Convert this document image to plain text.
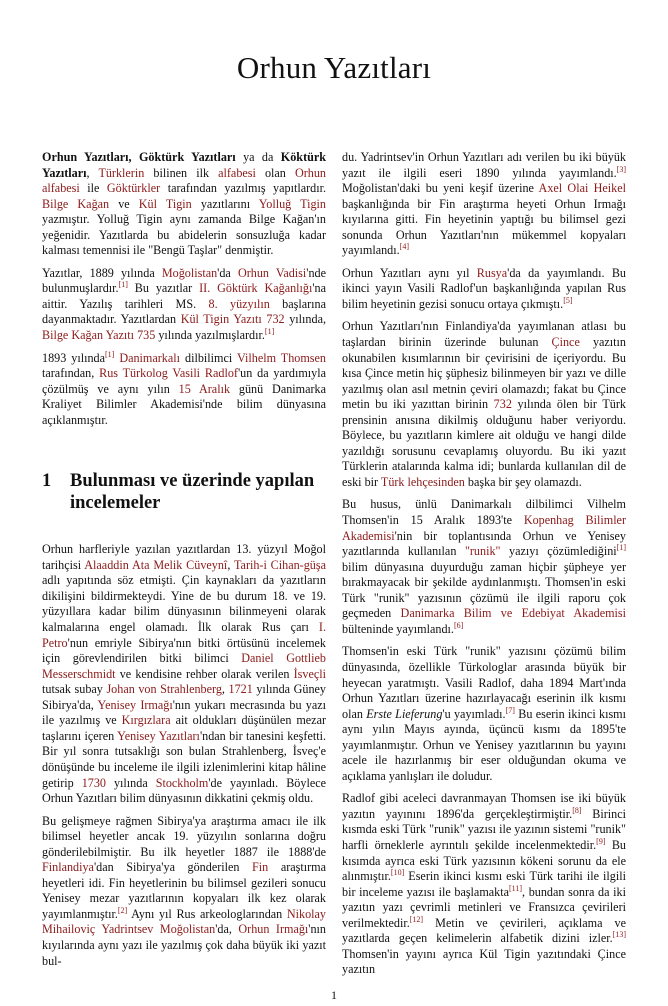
Orhun Yazıtları

Orhun Yazıtları, Göktürk Yazıtları ya da Köktürk Yazıtları, Türklerin bilinen ilk alfabesi olan Orhun alfabesi ile Göktürkler tarafından yazılmış yapıtlardır. Bilge Kağan ve Kül Tigin yazıtlarını Yolluğ Tigin yazmıştır. Yolluğ Tigin aynı zamanda Bilge Kağan'ın yeğenidir. Yazıtlarda bu abidelerin sonsuzluğa kadar kalması temennisi ile "Bengü Taşlar" denmiştir.

Yazıtlar, 1889 yılında Moğolistan'da Orhun Vadisi'nde bulunmuşlardır.[1] Bu yazıtlar II. Göktürk Kağanlığı'na aittir. Yazılış tarihleri MS. 8. yüzyılın başlarına dayanmaktadır. Yazıtlardan Kül Tigin Yazıtı 732 yılında, Bilge Kağan Yazıtı 735 yılında yazılmışlardır.[1]

1893 yılında[1] Danimarkalı dilbilimci Vilhelm Thomsen tarafından, Rus Türkolog Vasili Radlof'un da yardımıyla çözülmüş ve aynı yılın 15 Aralık günü Danimarka Kraliyet Bilimler Akademisi'nde bilim dünyasına açıklanmıştır.

1	Bulunması ve üzerinde yapılan incelemeler

Orhun harfleriyle yazılan yazıtlardan 13. yüzyıl Moğol tarihçisi Alaaddin Ata Melik Cüveynî, Tarih-i Cihan-güşa adlı yapıtında söz etmişti. Çin kaynakları da yazıtların dikilişini bildirmekteydi. Yine de bu durum 18. ve 19. yüzyıllara kadar bilim dünyasının bilinmeyeni olarak kalmalarına engel olamadı. İlk olarak Rus çarı I. Petro'nun emriyle Sibirya'nın bitki örtüsünü incelemek için görevlendirilen bitki bilimci Daniel Gottlieb Messerschmidt ve kendisine rehber olarak verilen İsveçli tutsak subay Johan von Strahlenberg, 1721 yılında Güney Sibirya'da, Yenisey Irmağı'nın yukarı mecrasında bu yazı ile yazılmış ve Kırgızlara ait oldukları düşünülen mezar taşlarını içeren Yenisey Yazıtları'ndan bir tanesini keşfetti. Bir yıl sonra tutsaklığı son bulan Strahlenberg, İsveç'e dönüşünde bu inceleme ile ilgili izlenimlerini kitap hâline getirip 1730 yılında Stockholm'de yayınladı. Böylece Orhun Yazıtları bilim dünyasının dikkatini çekmiş oldu.

Bu gelişmeye rağmen Sibirya'ya araştırma amacı ile ilk bilimsel heyetler ancak 19. yüzyılın sonlarına doğru gönderilebilmiştir. Bu ilk heyetler 1887 ile 1888'de Finlandiya'dan Sibirya'ya gönderilen Fin araştırma heyetleri idi. Fin heyetlerinin bu bilimsel gezileri sonucu Yenisey mezar yazıtlarının kopyaları ilk kez olarak yayımlanmıştır.[2] Aynı yıl Rus arkeologlarından Nikolay Mihailoviç Yadrintsev Moğolistan'da, Orhun Irmağı'nın kıyılarında aynı yazı ile yazılmış çok daha büyük iki yazıt bul-

du. Yadrintsev'in Orhun Yazıtları adı verilen bu iki büyük yazıt ile ilgili eseri 1890 yılında yayımlandı.[3] Moğolistan'daki bu yeni keşif üzerine Axel Olai Heikel başkanlığında bir Fin araştırma heyeti Orhun Irmağı kıyılarına gitti. Fin heyetinin yaptığı bu bilimsel gezi sonunda Orhun Yazıtları'nın mükemmel kopyaları yayımlandı.[4]

Orhun Yazıtları aynı yıl Rusya'da da yayımlandı. Bu ikinci yayın Vasili Radlof'un başkanlığında yapılan Rus bilim heyetinin gezisi sonucu ortaya çıkmıştı.[5]

Orhun Yazıtları'nın Finlandiya'da yayımlanan atlası bu taşlardan birinin üzerinde bulunan Çince yazıtın okunabilen kısımlarının bir çevirisini de içeriyordu. Bu kısa Çince metin hiç şüphesiz bilinmeyen bir yazı ve dille yazılmış olan asıl metnin çeviri olamazdı; fakat bu Çince metin bu iki yazıttan birinin 732 yılında ölen bir Türk prensinin anısına dikilmiş olduğunu haber veriyordu. Böylece, bu yazıtların kimlere ait olduğu ve hangi dilde yazıldığı sorusunu cevaplamış oluyordu. Bu iki yazıt Türklerin atalarında kalma idi; bunlarda kullanılan dil de eski bir Türk lehçesinden başka bir şey olamazdı.

Bu husus, ünlü Danimarkalı dilbilimci Vilhelm Thomsen'in 15 Aralık 1893'te Kopenhag Bilimler Akademisi'nin bir toplantısında Orhun ve Yenisey yazıtlarında kullanılan "runik" yazıyı çözümlediğini[1] bilim dünyasına duyurduğu zaman hiçbir şüpheye yer bırakmayacak bir şekilde aydınlanmıştı. Thomsen'in eski Türk "runik" yazısının çözümü ile ilgili raporu çok geçmeden Danimarka Bilim ve Edebiyat Akademisi bülteninde yayımlandı.[6]

Thomsen'in eski Türk "runik" yazısını çözümü bilim dünyasında, özellikle Türkologlar arasında büyük bir heyecan yaratmıştı. Vasili Radlof, daha 1894 Mart'ında Orhun Yazıtları üzerine hazırlayacağı eserinin ilk kısmı olan Erste Lieferung'u yayımladı.[7] Bu eserin ikinci kısmı aynı yılın Mayıs ayında, üçüncü kısmı da 1895'te yayımlanmıştır. Orhun ve Yenisey yazıtlarının bu yayını acele ile hazırlanmış bir eser olduğundan okuma ve açıklama yanlışları ile doludur.

Radlof gibi aceleci davranmayan Thomsen ise iki büyük yazıtın yayınını 1896'da gerçekleştirmiştir.[8] Birinci kısmda eski Türk "runik" yazısı ile yazının sistemi "runik" harfli örneklerle ayrıntılı şekilde incelenmektedir.[9] Bu kısımda ayrıca eski Türk yazısının kökeni sorunu da ele alınmıştır.[10] Eserin ikinci kısmı eski Türk tarihi ile ilgili bir inceleme yazısı ile başlamakta[11], bundan sonra da iki yazıtın yazı çevrimli metinleri ve Fransızca çevirileri verilmektedir.[12] Metin ve çevirileri, açıklama ve yazıtlarda geçen kelimelerin alfabetik dizini izler.[13] Thomsen'in yayını ayrıca Kül Tigin yazıtındaki Çince yazıtın

1
